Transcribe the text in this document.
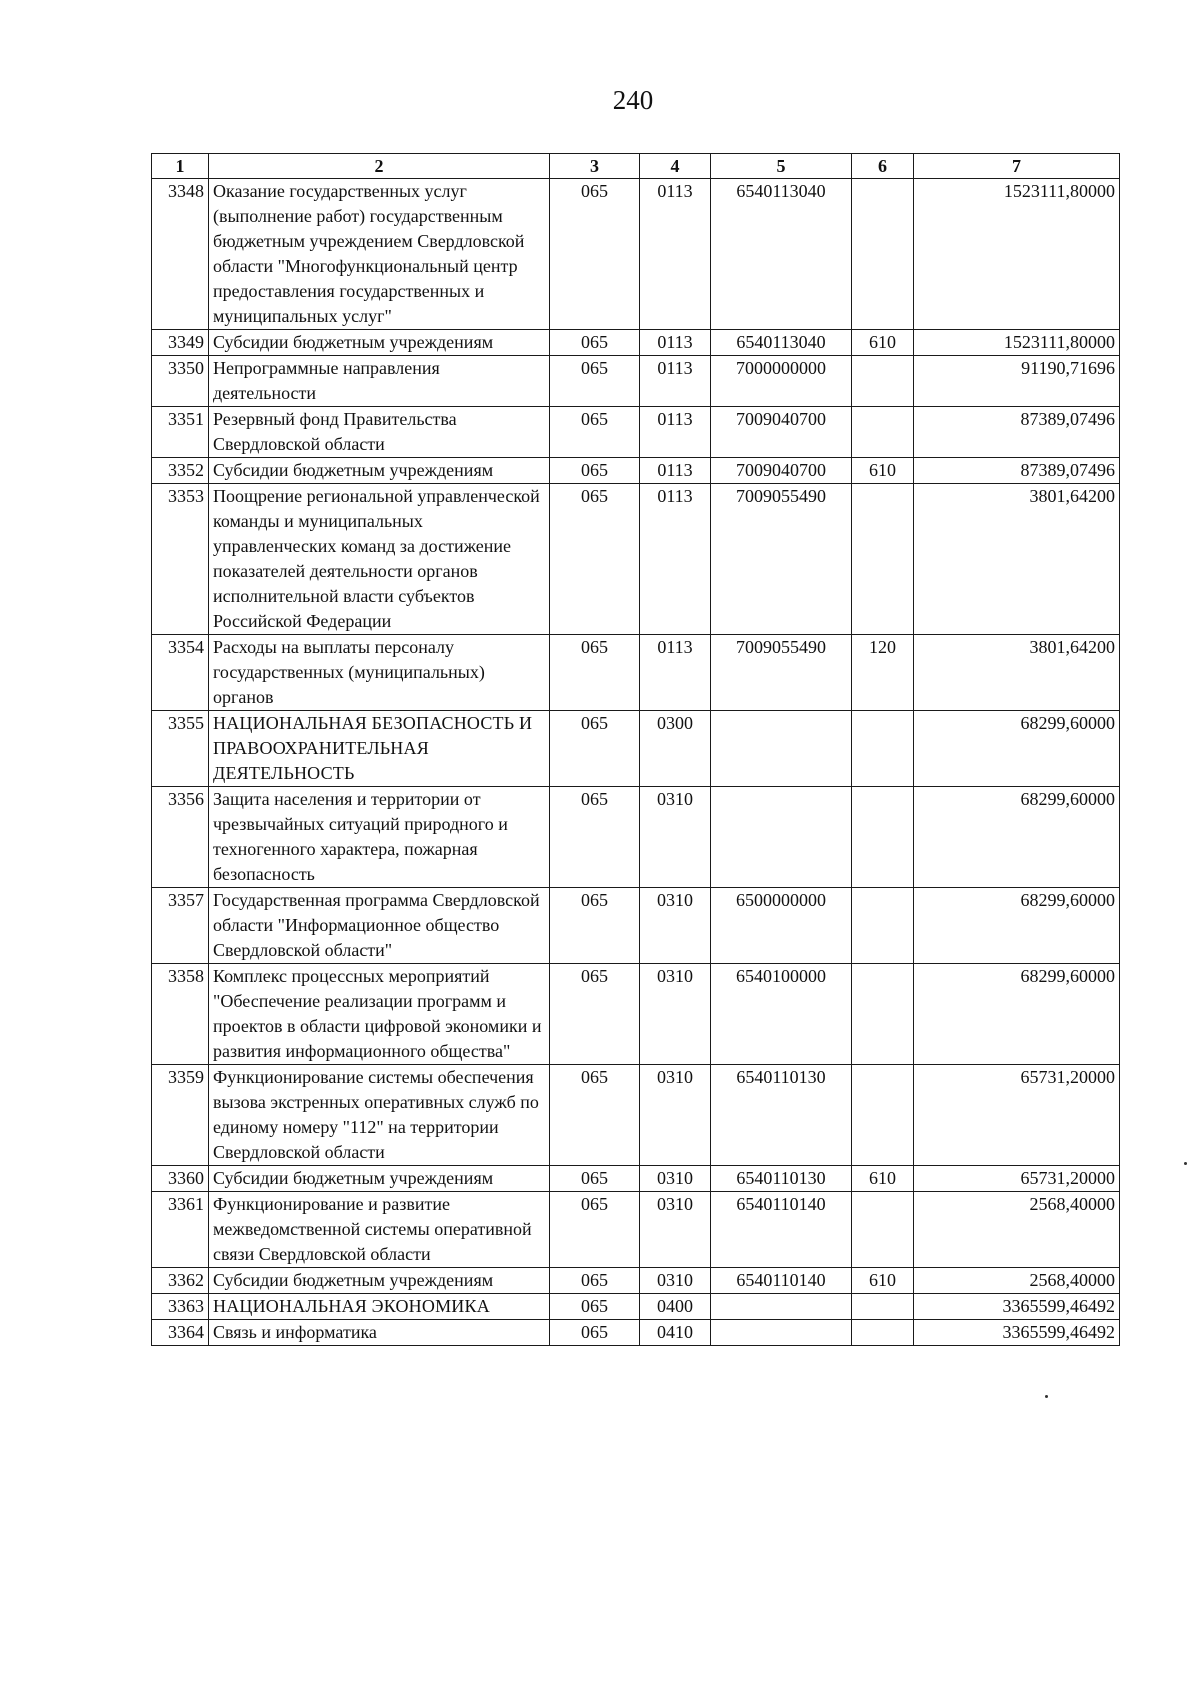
240
1	2	3	4	5	6	7
3348	Оказание государственных услуг (выполнение работ) государственным бюджетным учреждением Свердловской области "Многофункциональный центр предоставления государственных и муниципальных услуг"	065	0113	6540113040		1523111,80000
3349	Субсидии бюджетным учреждениям	065	0113	6540113040	610	1523111,80000
3350	Непрограммные направления деятельности	065	0113	7000000000		91190,71696
3351	Резервный фонд Правительства Свердловской области	065	0113	7009040700		87389,07496
3352	Субсидии бюджетным учреждениям	065	0113	7009040700	610	87389,07496
3353	Поощрение региональной управленческой команды и муниципальных управленческих команд за достижение показателей деятельности органов исполнительной власти субъектов Российской Федерации	065	0113	7009055490		3801,64200
3354	Расходы на выплаты персоналу государственных (муниципальных) органов	065	0113	7009055490	120	3801,64200
3355	НАЦИОНАЛЬНАЯ БЕЗОПАСНОСТЬ И ПРАВООХРАНИТЕЛЬНАЯ ДЕЯТЕЛЬНОСТЬ	065	0300			68299,60000
3356	Защита населения и территории от чрезвычайных ситуаций природного и техногенного характера, пожарная безопасность	065	0310			68299,60000
3357	Государственная программа Свердловской области "Информационное общество Свердловской области"	065	0310	6500000000		68299,60000
3358	Комплекс процессных мероприятий "Обеспечение реализации программ и проектов в области цифровой экономики и развития информационного общества"	065	0310	6540100000		68299,60000
3359	Функционирование системы обеспечения вызова экстренных оперативных служб по единому номеру "112" на территории Свердловской области	065	0310	6540110130		65731,20000
3360	Субсидии бюджетным учреждениям	065	0310	6540110130	610	65731,20000
3361	Функционирование и развитие межведомственной системы оперативной связи Свердловской области	065	0310	6540110140		2568,40000
3362	Субсидии бюджетным учреждениям	065	0310	6540110140	610	2568,40000
3363	НАЦИОНАЛЬНАЯ ЭКОНОМИКА	065	0400			3365599,46492
3364	Связь и информатика	065	0410			3365599,46492
